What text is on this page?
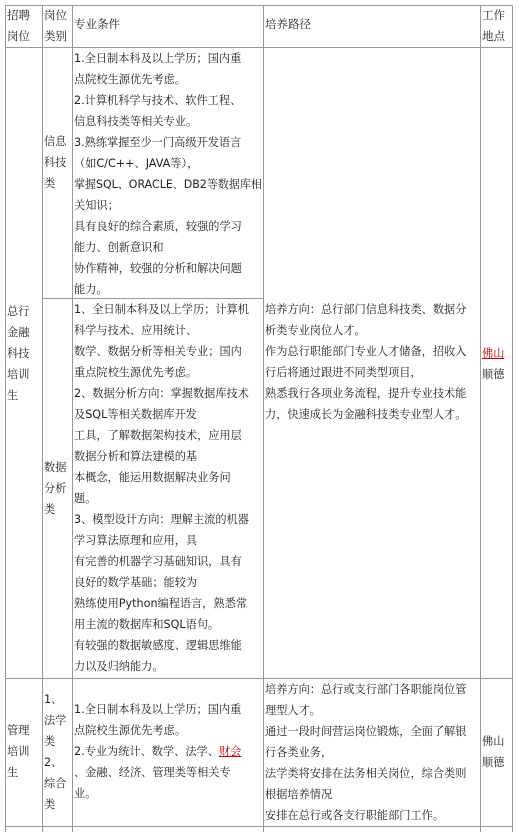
招聘
岗位
岗位
类别
专业条件	培养路径
工作
地点
总行
金融
科技
培训
生
信息
科技
类
1.全日制本科及以上学历；国内重
点院校生源优先考虑。
2.计算机科学与技术、软件工程、
信息科技类等相关专业。
3.熟练掌握至少一门高级开发语言
（如C/C++、JAVA等），
掌握SQL、ORACLE、DB2等数据库相
关知识；
具有良好的综合素质，较强的学习
能力、创新意识和
协作精神，较强的分析和解决问题
能力。
数据
分析
类
1、全日制本科及以上学历；计算机
科学与技术、应用统计、
数学、数据分析等相关专业；国内
重点院校生源优先考虑。
2、数据分析方向：掌握数据库技术
及SQL等相关数据库开发
工具，了解数据架构技术，应用层
数据分析和算法建模的基
本概念，能运用数据解决业务问
题。
3、模型设计方向：理解主流的机器
学习算法原理和应用，具
有完善的机器学习基础知识，具有
良好的数学基础；能较为
熟练使用Python编程语言，熟悉常
用主流的数据库和SQL语句。
有较强的数据敏感度、逻辑思维能
力以及归纳能力。
培养方向：总行部门信息科技类、数据分
析类专业岗位人才。
作为总行职能部门专业人才储备，招收入
行后将通过跟进不同类型项目，
熟悉我行各项业务流程，提升专业技术能
力，快速成长为金融科技类专业型人才。
佛山
顺德
管理
培训
生
1、
法学
类
2、
综合
类
1.全日制本科及以上学历；国内重
点院校生源优先考虑。
2.专业为统计、数学、法学、财会
、金融、经济、管理类等相关专
业。
培养方向：总行或支行部门各职能岗位管
理型人才。
通过一段时间营运岗位锻炼，全面了解银
行各类业务，
法学类将安排在法务相关岗位，综合类则
根据培养情况
安排在总行或各支行职能部门工作。
佛山
顺德
